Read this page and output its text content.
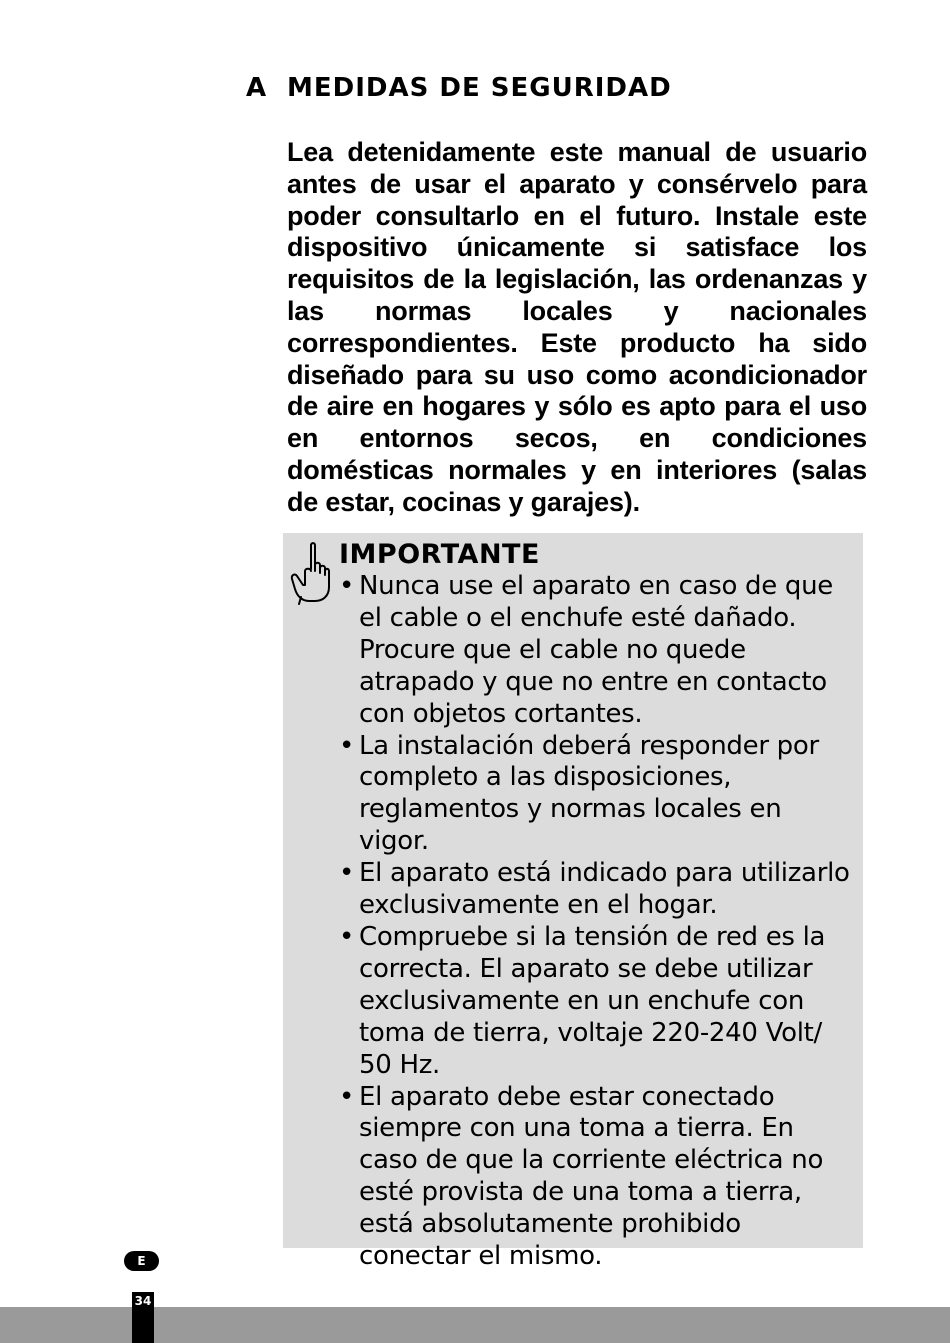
A MEDIDAS DE SEGURIDAD

Lea detenidamente este manual de usuario antes de usar el aparato y consérvelo para poder consultarlo en el futuro. Instale este dispositivo únicamente si satisface los requisitos de la legislación, las ordenanzas y las normas locales y nacionales correspondientes. Este producto ha sido diseñado para su uso como acondicionador de aire en hogares y sólo es apto para el uso en entornos secos, en condiciones domésticas normales y en interiores (salas de estar, cocinas y garajes).

IMPORTANTE
• Nunca use el aparato en caso de que el cable o el enchufe esté dañado. Procure que el cable no quede atrapado y que no entre en contacto con objetos cortantes.
• La instalación deberá responder por completo a las disposiciones, reglamentos y normas locales en vigor.
• El aparato está indicado para utilizarlo exclusivamente en el hogar.
• Compruebe si la tensión de red es la correcta. El aparato se debe utilizar exclusivamente en un enchufe con toma de tierra, voltaje 220-240 Volt/ 50 Hz.
• El aparato debe estar conectado siempre con una toma a tierra. En caso de que la corriente eléctrica no esté provista de una toma a tierra, está absolutamente prohibido conectar el mismo.
E
34
